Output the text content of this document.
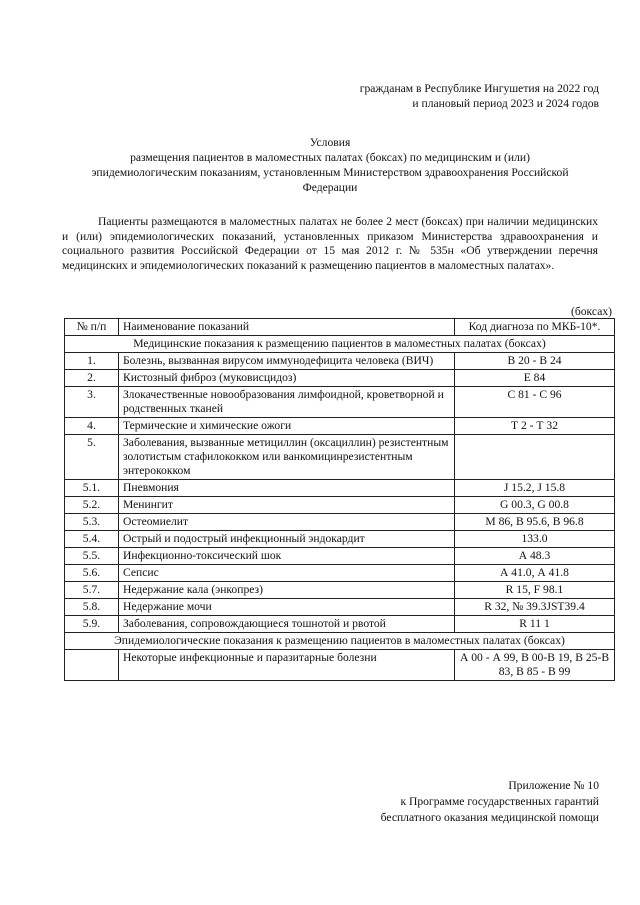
гражданам в Республике Ингушетия на 2022 год
и плановый период 2023 и 2024 годов
Условия
размещения пациентов в маломестных палатах (боксах) по медицинским и (или)
эпидемиологическим показаниям, установленным Министерством здравоохранения Российской
Федерации

Пациенты размещаются в маломестных палатах не более 2 мест (боксах) при наличии медицинских и (или) эпидемиологических показаний, установленных приказом Министерства здравоохранения и социального развития Российской Федерации от 15 мая 2012 г. № 535н «Об утверждении перечня медицинских и эпидемиологических показаний к размещению пациентов в маломестных палатах».

(боксах)
№ п/п	Наименование показаний	Код диагноза по МКБ-10*.
Медицинские показания к размещению пациентов в маломестных палатах (боксах)		
1.	Болезнь, вызванная вирусом иммунодефицита человека (ВИЧ)	В 20 - В 24
2.	Кистозный фиброз (муковисцидоз)	Е 84
3.	Злокачественные новообразования лимфоидной, кроветворной и родственных тканей	С 81 - С 96
4.	Термические и химические ожоги	Т 2 - Т 32
5.	Заболевания, вызванные метициллин (оксациллин) резистентным золотистым стафилококком или ванкомицинрезистентным энтерококком	
5.1.	Пневмония	J 15.2, J 15.8
5.2.	Менингит	G 00.3, G 00.8
5.3.	Остеомиелит	М 86, В 95.6, В 96.8
5.4.	Острый и подострый инфекционный эндокардит	133.0
5.5.	Инфекционно-токсический шок	А 48.3
5.6.	Сепсис	А 41.0, А 41.8
5.7.	Недержание кала (энкопрез)	R 15, F 98.1
5.8.	Недержание мочи	R 32, № 39.3JST39.4
5.9.	Заболевания, сопровождающиеся тошнотой и рвотой	R 11 1
Эпидемиологические показания к размещению пациентов в маломестных палатах (боксах)		
	Некоторые инфекционные и паразитарные болезни	А 00 - А 99, В 00-В 19, В 25-В 83, В 85 - В 99
Приложение № 10
к Программе государственных гарантий
бесплатного оказания медицинской помощи
